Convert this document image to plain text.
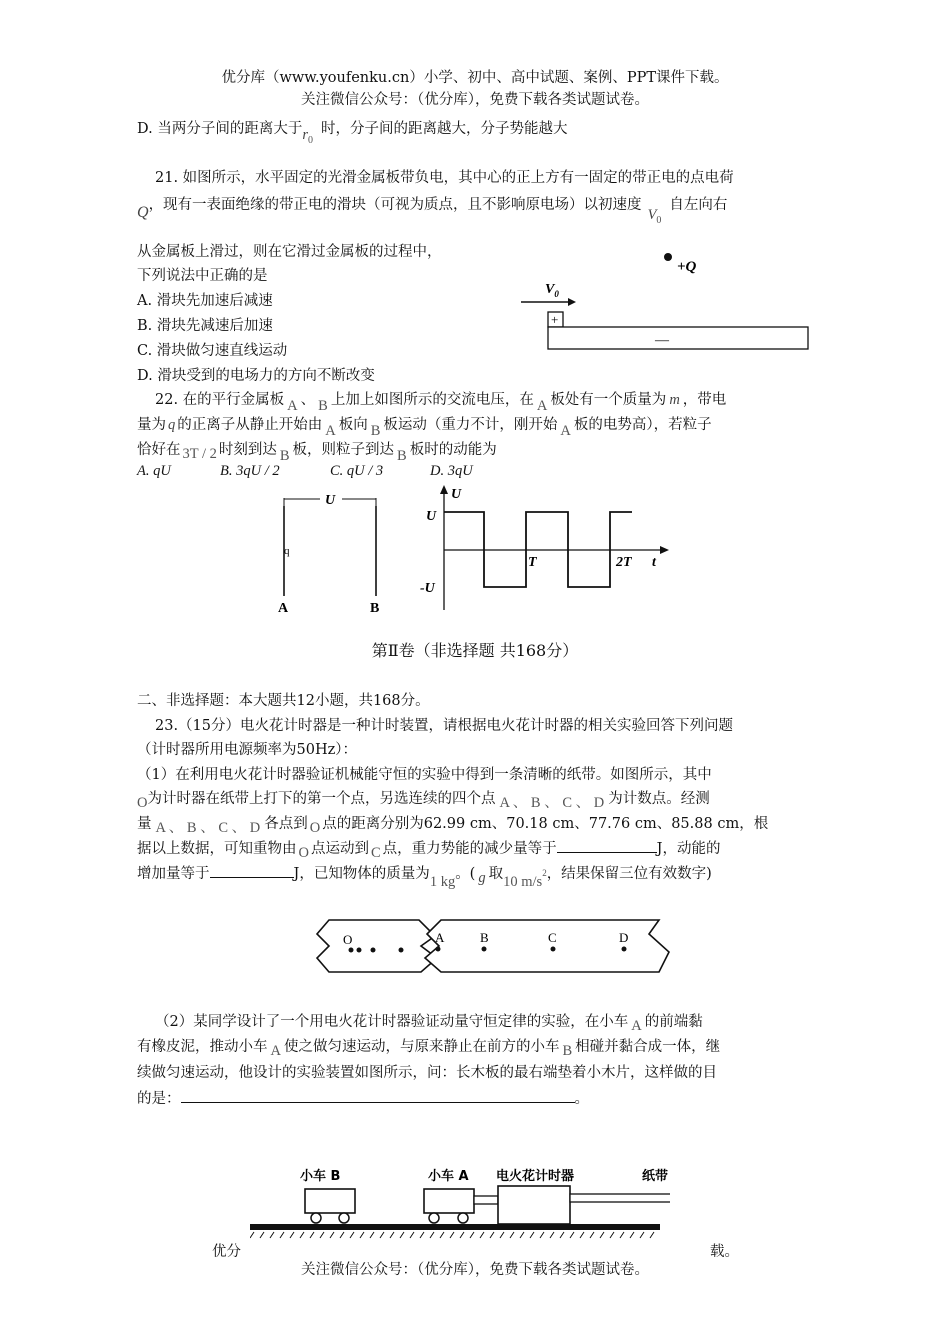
优分库（www.youfenku.cn）小学、初中、高中试题、案例、PPT课件下载。
关注微信公众号：（优分库），免费下载各类试题试卷。
D. 当两分子间的距离大于$r_0$时，分子间的距离越大，分子势能越大
21. 如图所示，水平固定的光滑金属板带负电，其中心的正上方有一固定的带正电的点电荷
Q，现有一表面绝缘的带正电的滑块（可视为质点，且不影响原电场）以初速度$V_0$自左向右
从金属板上滑过，则在它滑过金属板的过程中，
下列说法中正确的是
A. 滑块先加速后减速
B. 滑块先减速后加速
C. 滑块做匀速直线运动
D. 滑块受到的电场力的方向不断改变
+Q
$V_0$
+
—
22. 在的平行金属板 A 、 B 上加上如图所示的交流电压，在 A 板处有一个质量为 m ，带电
量为 q 的正离子从静止开始由 A 板向 B 板运动（重力不计，刚开始 A 板的电势高），若粒子
恰好在 3T / 2 时刻到达 B 板，则粒子到达 B 板时的动能为
A. qU	B. 3qU / 2	C. qU / 3	D. 3qU
U
q
A	B
U
U
-U
T	2T t
第Ⅱ卷（非选择题 共168分）
二、非选择题：本大题共12小题，共168分。
23.（15分）电火花计时器是一种计时装置，请根据电火花计时器的相关实验回答下列问题
（计时器所用电源频率为50Hz）：
（1）在利用电火花计时器验证机械能守恒的实验中得到一条清晰的纸带。如图所示，其中
O为计时器在纸带上打下的第一个点，另选连续的四个点 A 、 B 、 C 、 D 为计数点。经测
量 A 、 B 、 C 、 D 各点到 O 点的距离分别为62.99 cm、70.18 cm、77.76 cm、85.88 cm，根
据以上数据，可知重物由 O 点运动到 C 点，重力势能的减少量等于	J，动能的
增加量等于	J，已知物体的质量为1 kg。( g 取10 m/s2，结果保留三位有效数字)
O	A	B	C	D
（2）某同学设计了一个用电火花计时器验证动量守恒定律的实验，在小车 A 的前端黏
有橡皮泥，推动小车 A 使之做匀速运动，与原来静止在前方的小车 B 相碰并黏合成一体，继
续做匀速运动，他设计的实验装置如图所示，问：长木板的最右端垫着小木片，这样做的目
的是：	。
小车 B	小车 A 电火花计时器	纸带
优分	载。
关注微信公众号：（优分库），免费下载各类试题试卷。
